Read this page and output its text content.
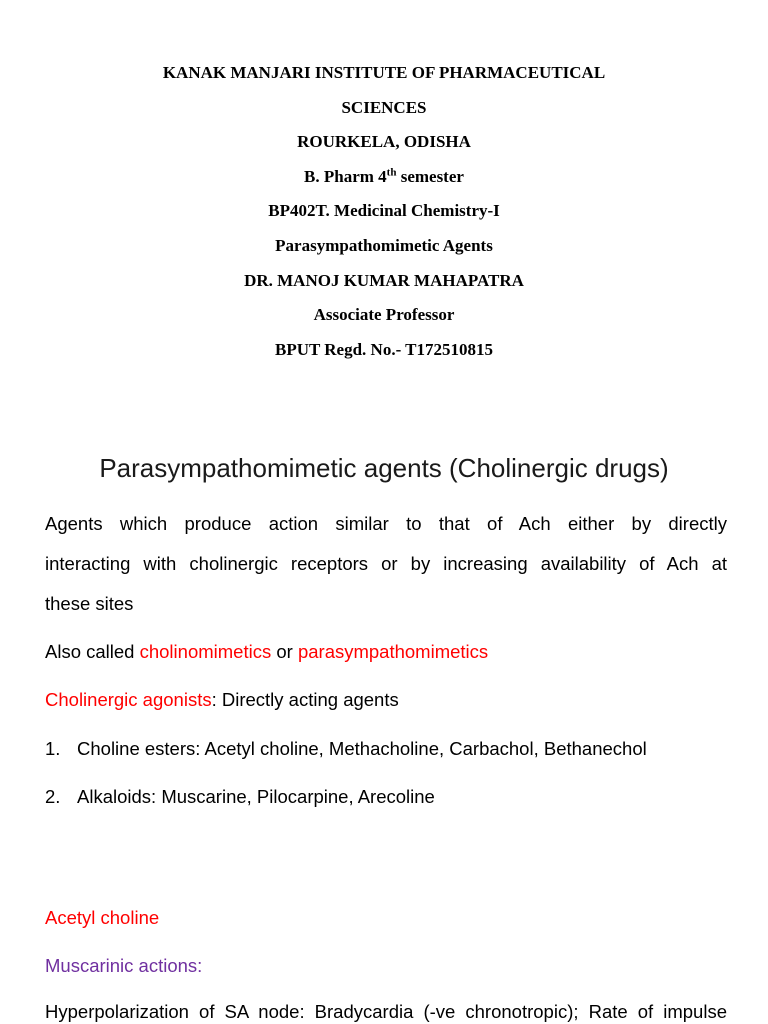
KANAK MANJARI INSTITUTE OF PHARMACEUTICAL
SCIENCES
ROURKELA, ODISHA
B. Pharm 4th semester
BP402T. Medicinal Chemistry-I
Parasympathomimetic Agents
DR. MANOJ KUMAR MAHAPATRA
Associate Professor
BPUT Regd. No.- T172510815
Parasympathomimetic agents (Cholinergic drugs)
Agents which produce action similar to that of Ach either by directly
interacting with cholinergic receptors or by increasing availability of Ach at
these sites
Also called cholinomimetics or parasympathomimetics
Cholinergic agonists: Directly acting agents
1. Choline esters: Acetyl choline, Methacholine, Carbachol, Bethanechol
2. Alkaloids: Muscarine, Pilocarpine, Arecoline
Acetyl choline
Muscarinic actions:
Hyperpolarization of SA node: Bradycardia (-ve chronotropic); Rate of impulse
